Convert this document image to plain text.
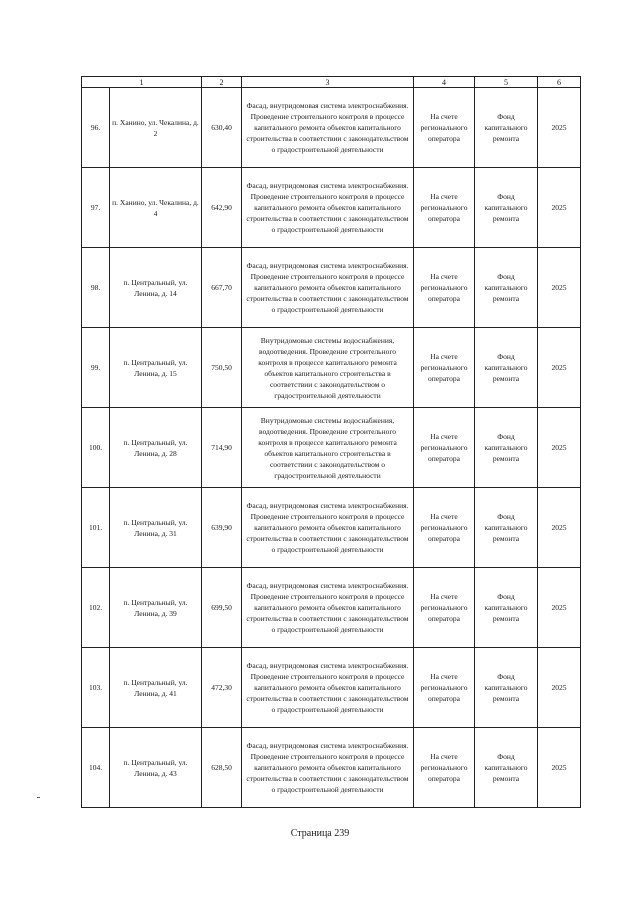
1		2	3	4	5	6
96.	п. Ханино, ул. Чекалина, д. 2	630,40	Фасад, внутридомовая система электроснабжения. Проведение строительного контроля в процессе капитального ремонта объектов капитального строительства в соответствии с законодательством о градостроительной деятельности	На счете регионального оператора	Фонд капитального ремонта	2025
97.	п. Ханино, ул. Чекалина, д. 4	642,90	Фасад, внутридомовая система электроснабжения. Проведение строительного контроля в процессе капитального ремонта объектов капитального строительства в соответствии с законодательством о градостроительной деятельности	На счете регионального оператора	Фонд капитального ремонта	2025
98.	п. Центральный, ул. Ленина, д. 14	667,70	Фасад, внутридомовая система электроснабжения. Проведение строительного контроля в процессе капитального ремонта объектов капитального строительства в соответствии с законодательством о градостроительной деятельности	На счете регионального оператора	Фонд капитального ремонта	2025
99.	п. Центральный, ул. Ленина, д. 15	750,50	Внутридомовые системы водоснабжения, водоотведения. Проведение строительного контроля в процессе капитального ремонта объектов капитального строительства в соответствии с законодательством о градостроительной деятельности	На счете регионального оператора	Фонд капитального ремонта	2025
100.	п. Центральный, ул. Ленина, д. 28	714,90	Внутридомовые системы водоснабжения, водоотведения. Проведение строительного контроля в процессе капитального ремонта объектов капитального строительства в соответствии с законодательством о градостроительной деятельности	На счете регионального оператора	Фонд капитального ремонта	2025
101.	п. Центральный, ул. Ленина, д. 31	639,90	Фасад, внутридомовая система электроснабжения. Проведение строительного контроля в процессе капитального ремонта объектов капитального строительства в соответствии с законодательством о градостроительной деятельности	На счете регионального оператора	Фонд капитального ремонта	2025
102.	п. Центральный, ул. Ленина, д. 39	699,50	Фасад, внутридомовая система электроснабжения. Проведение строительного контроля в процессе капитального ремонта объектов капитального строительства в соответствии с законодательством о градостроительной деятельности	На счете регионального оператора	Фонд капитального ремонта	2025
103.	п. Центральный, ул. Ленина, д. 41	472,30	Фасад, внутридомовая система электроснабжения. Проведение строительного контроля в процессе капитального ремонта объектов капитального строительства в соответствии с законодательством о градостроительной деятельности	На счете регионального оператора	Фонд капитального ремонта	2025
104.	п. Центральный, ул. Ленина, д. 43	628,50	Фасад, внутридомовая система электроснабжения. Проведение строительного контроля в процессе капитального ремонта объектов капитального строительства в соответствии с законодательством о градостроительной деятельности	На счете регионального оператора	Фонд капитального ремонта	2025
Страница 239
